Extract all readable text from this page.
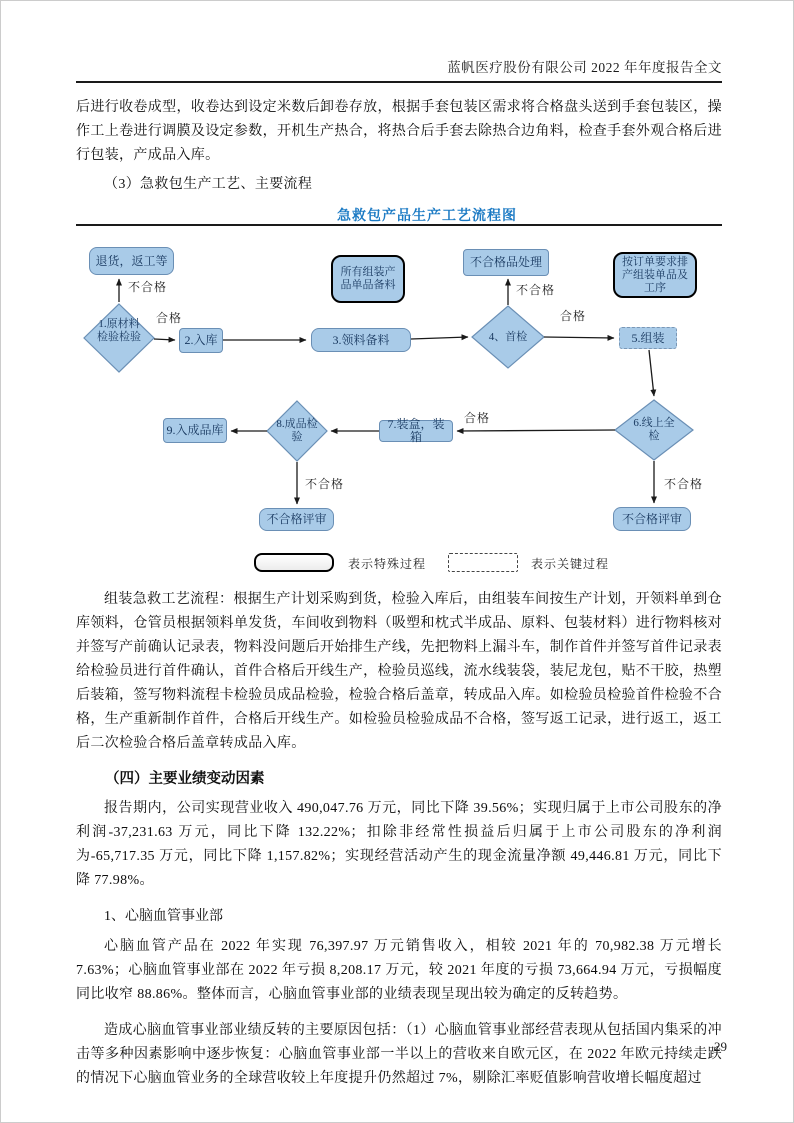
蓝帆医疗股份有限公司 2022 年年度报告全文

后进行收卷成型，收卷达到设定米数后卸卷存放，根据手套包装区需求将合格盘头送到手套包装区，操作工上卷进行调膜及设定参数，开机生产热合，将热合后手套去除热合边角料，检查手套外观合格后进行包装，产成品入库。

（3）急救包生产工艺、主要流程

急救包产品生产工艺流程图
退货，返工等
所有组装产品单品备料
不合格品处理	按订单要求排产组装单品及工序
2.入库	3.领料备料	5.组装
7.装盒，装箱
9.入成品库
不合格评审	不合格评审
1.原材料检验检验	4、首检
6.线上全检
8.成品检验
不合格
合格
不合格
合格
合格
不合格
不合格
表示特殊过程	表示关键过程

组装急救工艺流程：根据生产计划采购到货，检验入库后，由组装车间按生产计划，开领料单到仓库领料，仓管员根据领料单发货，车间收到物料（吸塑和枕式半成品、原料、包装材料）进行物料核对并签写产前确认记录表，物料没问题后开始排生产线，先把物料上漏斗车，制作首件并签写首件记录表给检验员进行首件确认，首件合格后开线生产，检验员巡线，流水线装袋，装尼龙包，贴不干胶，热塑后装箱，签写物料流程卡检验员成品检验，检验合格后盖章，转成品入库。如检验员检验首件检验不合格，生产重新制作首件，合格后开线生产。如检验员检验成品不合格，签写返工记录，进行返工，返工后二次检验合格后盖章转成品入库。

（四）主要业绩变动因素

报告期内，公司实现营业收入 490,047.76 万元，同比下降 39.56%；实现归属于上市公司股东的净利润-37,231.63 万元，同比下降 132.22%；扣除非经常性损益后归属于上市公司股东的净利润为-65,717.35 万元，同比下降 1,157.82%；实现经营活动产生的现金流量净额 49,446.81 万元，同比下降 77.98%。

1、心脑血管事业部

心脑血管产品在 2022 年实现 76,397.97 万元销售收入，相较 2021 年的 70,982.38 万元增长 7.63%；心脑血管事业部在 2022 年亏损 8,208.17 万元，较 2021 年度的亏损 73,664.94 万元，亏损幅度同比收窄 88.86%。整体而言，心脑血管事业部的业绩表现呈现出较为确定的反转趋势。

造成心脑血管事业部业绩反转的主要原因包括：（1）心脑血管事业部经营表现从包括国内集采的冲击等多种因素影响中逐步恢复：心脑血管事业部一半以上的营收来自欧元区，在 2022 年欧元持续走跌的情况下心脑血管业务的全球营收较上年度提升仍然超过 7%，剔除汇率贬值影响营收增长幅度超过

29
